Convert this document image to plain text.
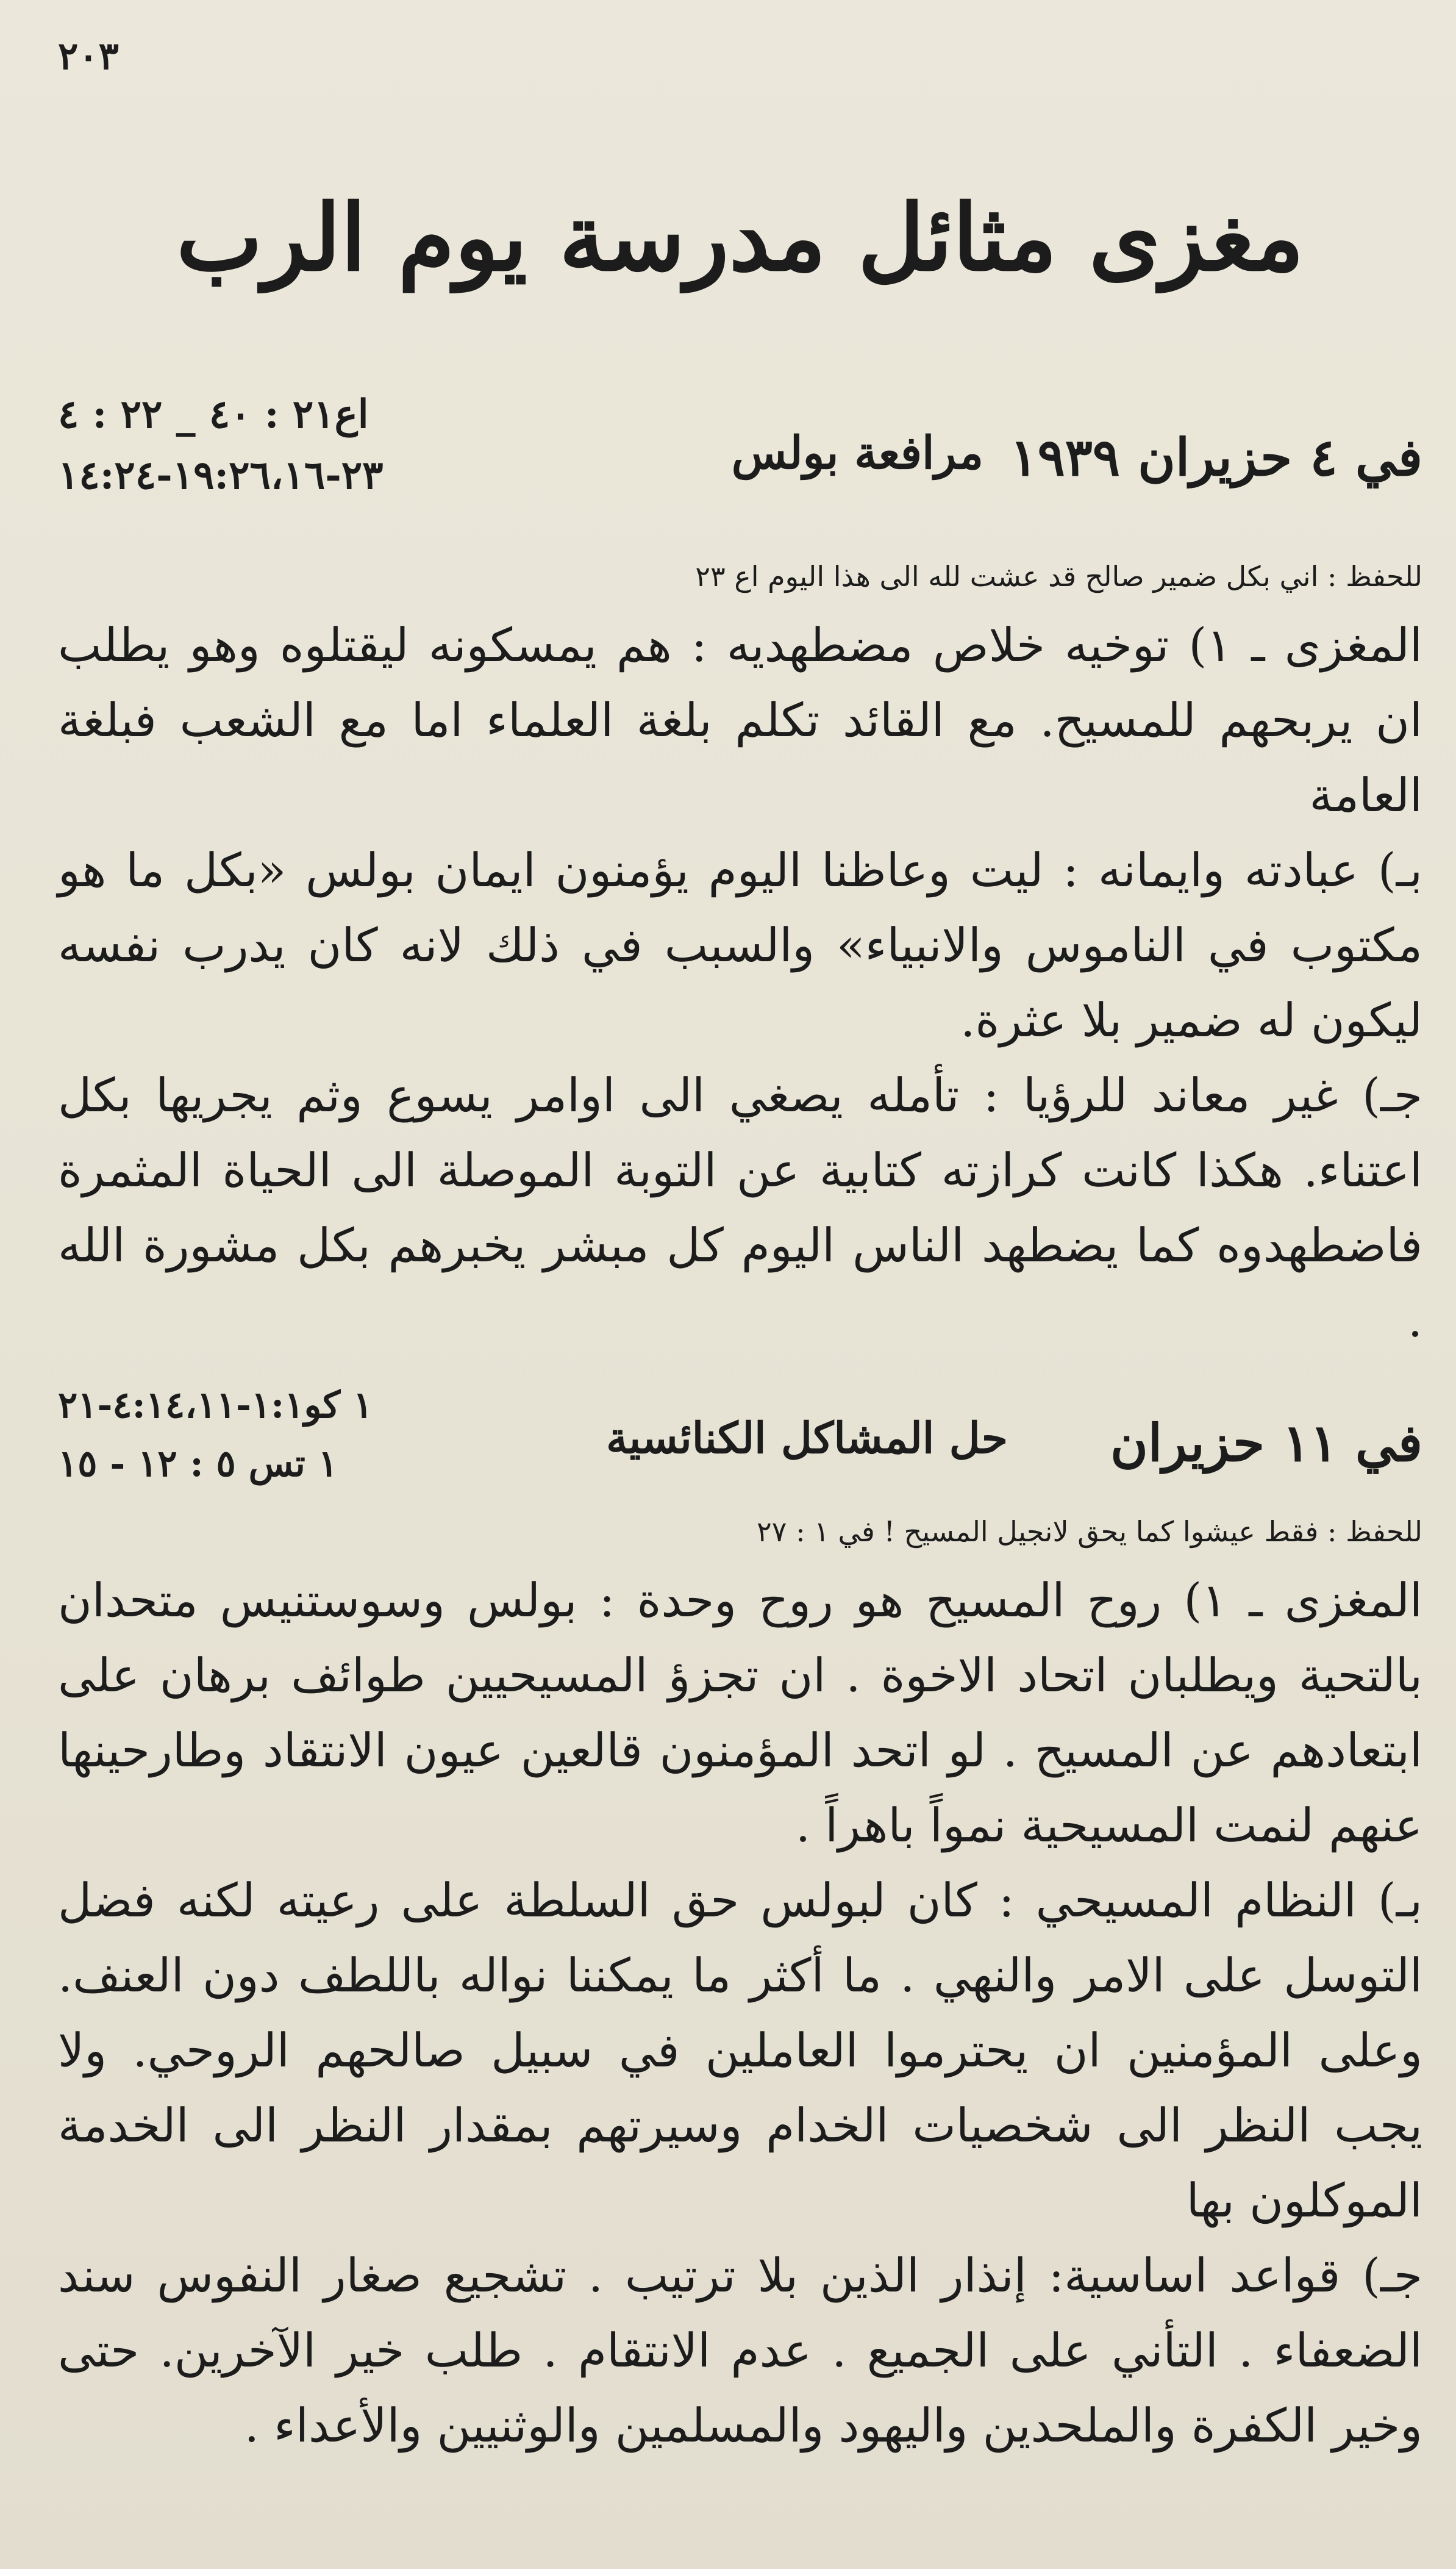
٢٠٣
مغزى مثائل مدرسة يوم الرب
في ٤ حزيران ١٩٣٩
مرافعة بولس
اع٢١ : ٤٠ _ ٢٢ : ٤
٢٣-١٩:٢٦،١٦-١٤:٢٤
للحفظ : اني بكل ضمير صالح قد عشت لله الى هذا اليوم اع ٢٣

المغزى ـ ١) توخيه خلاص مضطهديه : هم يمسكونه ليقتلوه وهو يطلب ان يربحهم للمسيح. مع القائد تكلم بلغة العلماء اما مع الشعب فبلغة العامة

بـ) عبادته وايمانه : ليت وعاظنا اليوم يؤمنون ايمان بولس «بكل ما هو مكتوب في الناموس والانبياء» والسبب في ذلك لانه كان يدرب نفسه ليكون له ضمير بلا عثرة.

جـ) غير معاند للرؤيا : تأمله يصغي الى اوامر يسوع وثم يجريها بكل اعتناء. هكذا كانت كرازته كتابية عن التوبة الموصلة الى الحياة المثمرة فاضطهدوه كما يضطهد الناس اليوم كل مبشر يخبرهم بكل مشورة الله .

في ١١ حزيران
حل المشاكل الكنائسية
١ كو١:١-٤:١٤،١١-٢١
١ تس ٥ : ١٢ - ١٥
للحفظ : فقط عيشوا كما يحق لانجيل المسيح ! في ١ : ٢٧

المغزى ـ ١) روح المسيح هو روح وحدة : بولس وسوستنيس متحدان بالتحية ويطلبان اتحاد الاخوة . ان تجزؤ المسيحيين طوائف برهان على ابتعادهم عن المسيح . لو اتحد المؤمنون قالعين عيون الانتقاد وطارحينها عنهم لنمت المسيحية نمواً باهراً .

بـ) النظام المسيحي : كان لبولس حق السلطة على رعيته لكنه فضل التوسل على الامر والنهي . ما أكثر ما يمكننا نواله باللطف دون العنف. وعلى المؤمنين ان يحترموا العاملين في سبيل صالحهم الروحي. ولا يجب النظر الى شخصيات الخدام وسيرتهم بمقدار النظر الى الخدمة الموكلون بها

جـ) قواعد اساسية: إنذار الذين بلا ترتيب . تشجيع صغار النفوس سند الضعفاء . التأني على الجميع . عدم الانتقام . طلب خير الآخرين. حتى وخير الكفرة والملحدين واليهود والمسلمين والوثنيين والأعداء .
